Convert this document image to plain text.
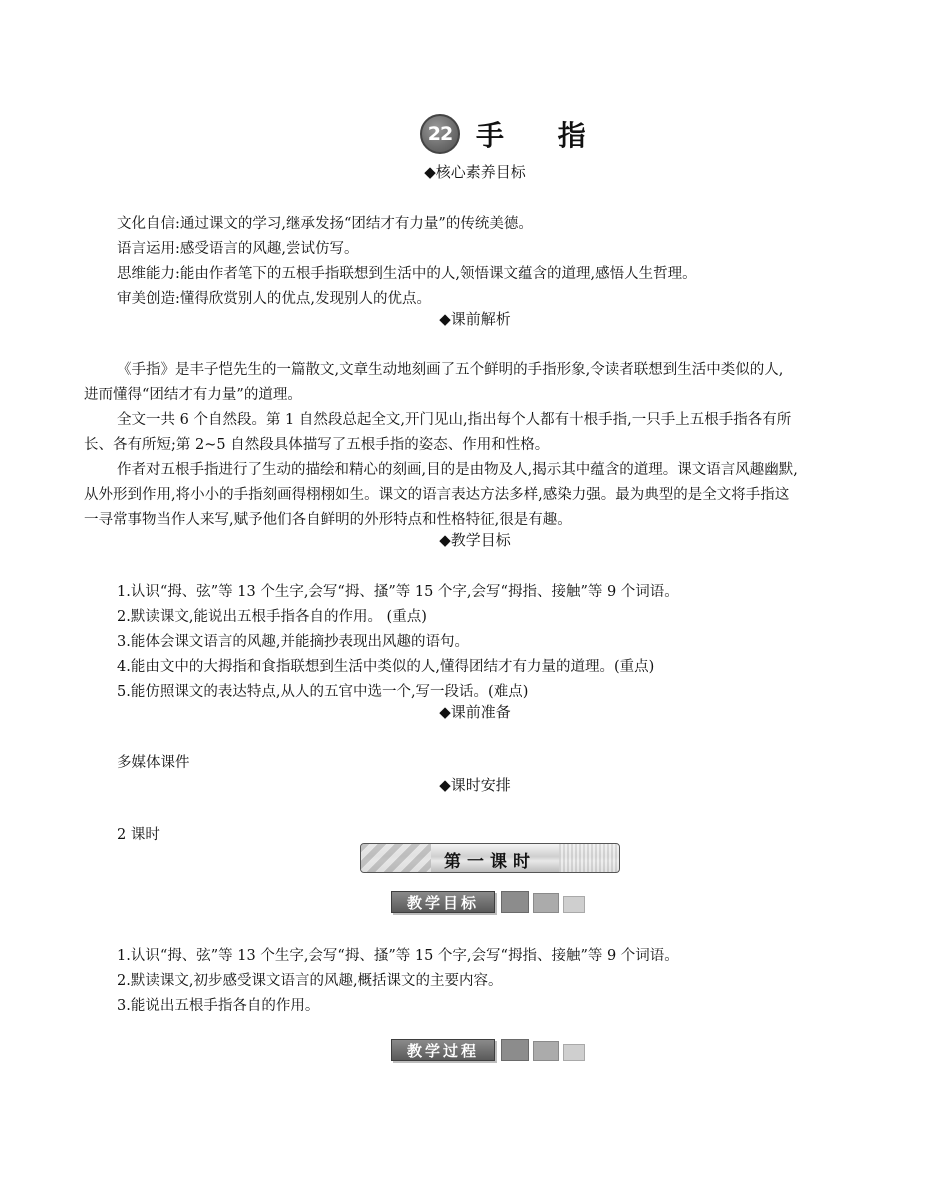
22 手 指
◆核心素养目标
文化自信:通过课文的学习,继承发扬“团结才有力量”的传统美德。
语言运用:感受语言的风趣,尝试仿写。
思维能力:能由作者笔下的五根手指联想到生活中的人,领悟课文蕴含的道理,感悟人生哲理。
审美创造:懂得欣赏别人的优点,发现别人的优点。
◆课前解析
《手指》是丰子恺先生的一篇散文,文章生动地刻画了五个鲜明的手指形象,令读者联想到生活中类似的人,
进而懂得“团结才有力量”的道理。
全文一共 6 个自然段。第 1 自然段总起全文,开门见山,指出每个人都有十根手指,一只手上五根手指各有所
长、各有所短;第 2~5 自然段具体描写了五根手指的姿态、作用和性格。
作者对五根手指进行了生动的描绘和精心的刻画,目的是由物及人,揭示其中蕴含的道理。课文语言风趣幽默,
从外形到作用,将小小的手指刻画得栩栩如生。课文的语言表达方法多样,感染力强。最为典型的是全文将手指这
一寻常事物当作人来写,赋予他们各自鲜明的外形特点和性格特征,很是有趣。
◆教学目标
1.认识“拇、弦”等 13 个生字,会写“拇、搔”等 15 个字,会写“拇指、接触”等 9 个词语。
2.默读课文,能说出五根手指各自的作用。 (重点)
3.能体会课文语言的风趣,并能摘抄表现出风趣的语句。
4.能由文中的大拇指和食指联想到生活中类似的人,懂得团结才有力量的道理。(重点)
5.能仿照课文的表达特点,从人的五官中选一个,写一段话。(难点)
◆课前准备
多媒体课件
◆课时安排
2 课时
第一课时
教学目标
1.认识“拇、弦”等 13 个生字,会写“拇、搔”等 15 个字,会写“拇指、接触”等 9 个词语。
2.默读课文,初步感受课文语言的风趣,概括课文的主要内容。
3.能说出五根手指各自的作用。
教学过程
